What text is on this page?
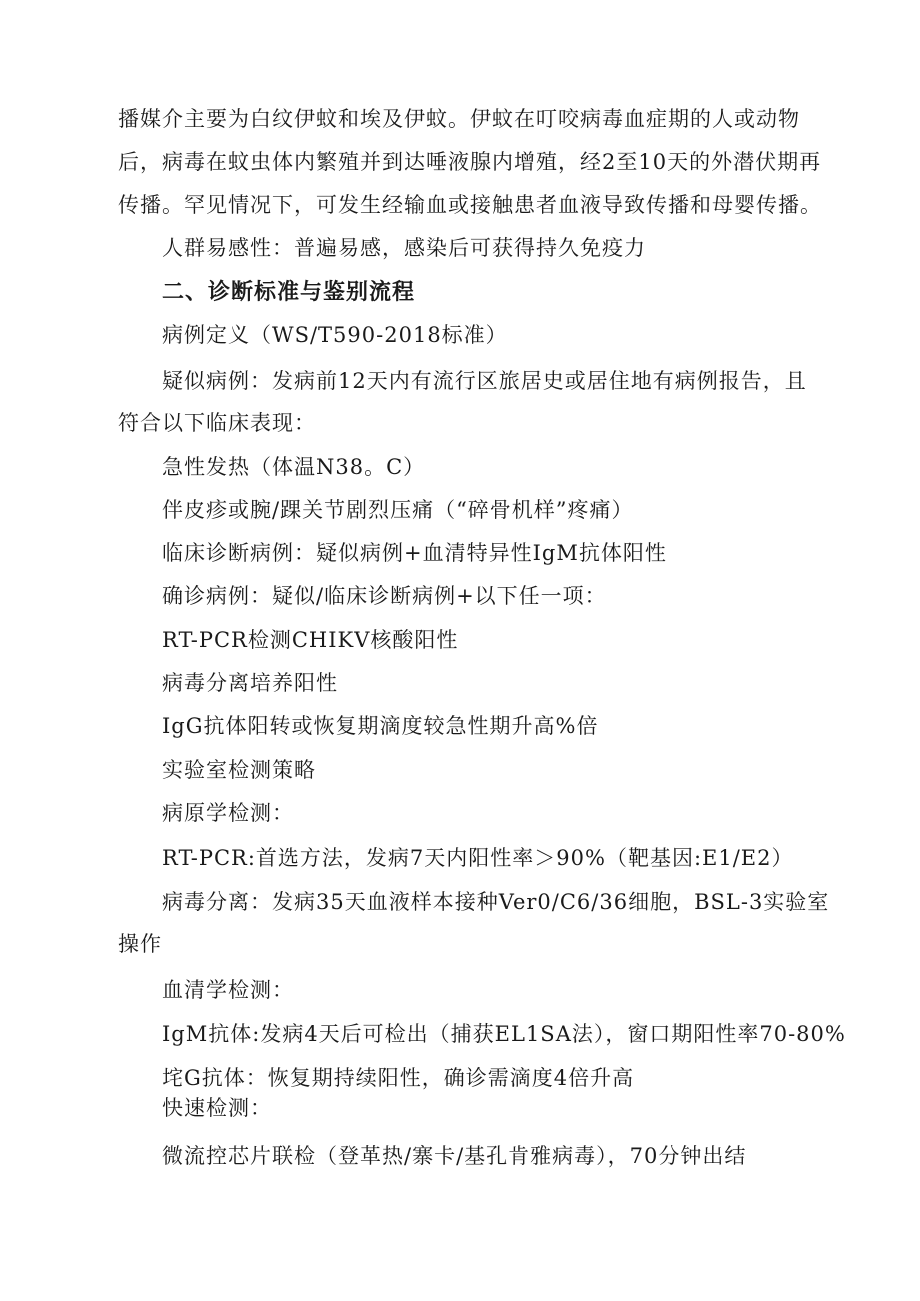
播媒介主要为白纹伊蚊和埃及伊蚊。伊蚊在叮咬病毒血症期的人或动物
后，病毒在蚊虫体内繁殖并到达唾液腺内增殖，经2至10天的外潜伏期再
传播。罕见情况下，可发生经输血或接触患者血液导致传播和母婴传播。
人群易感性：普遍易感，感染后可获得持久免疫力
二、诊断标准与鉴别流程
病例定义（WS/T590-2018标准）
疑似病例：发病前12天内有流行区旅居史或居住地有病例报告，且
符合以下临床表现：
急性发热（体温N38。C）
伴皮疹或腕/踝关节剧烈压痛（“碎骨机样”疼痛）
临床诊断病例：疑似病例+血清特异性IgM抗体阳性
确诊病例：疑似/临床诊断病例+以下任一项：
RT-PCR检测CHIKV核酸阳性
病毒分离培养阳性
IgG抗体阳转或恢复期滴度较急性期升高%倍
实验室检测策略
病原学检测：
RT-PCR:首选方法，发病7天内阳性率＞90%（靶基因:E1/E2）
病毒分离：发病35天血液样本接种Ver0/C6/36细胞，BSL-3实验室
操作
血清学检测：
IgM抗体:发病4天后可检出（捕获EL1SA法），窗口期阳性率70-80%
垞G抗体：恢复期持续阳性，确诊需滴度4倍升高
快速检测：
微流控芯片联检（登革热/寨卡/基孔肯雅病毒），70分钟出结
